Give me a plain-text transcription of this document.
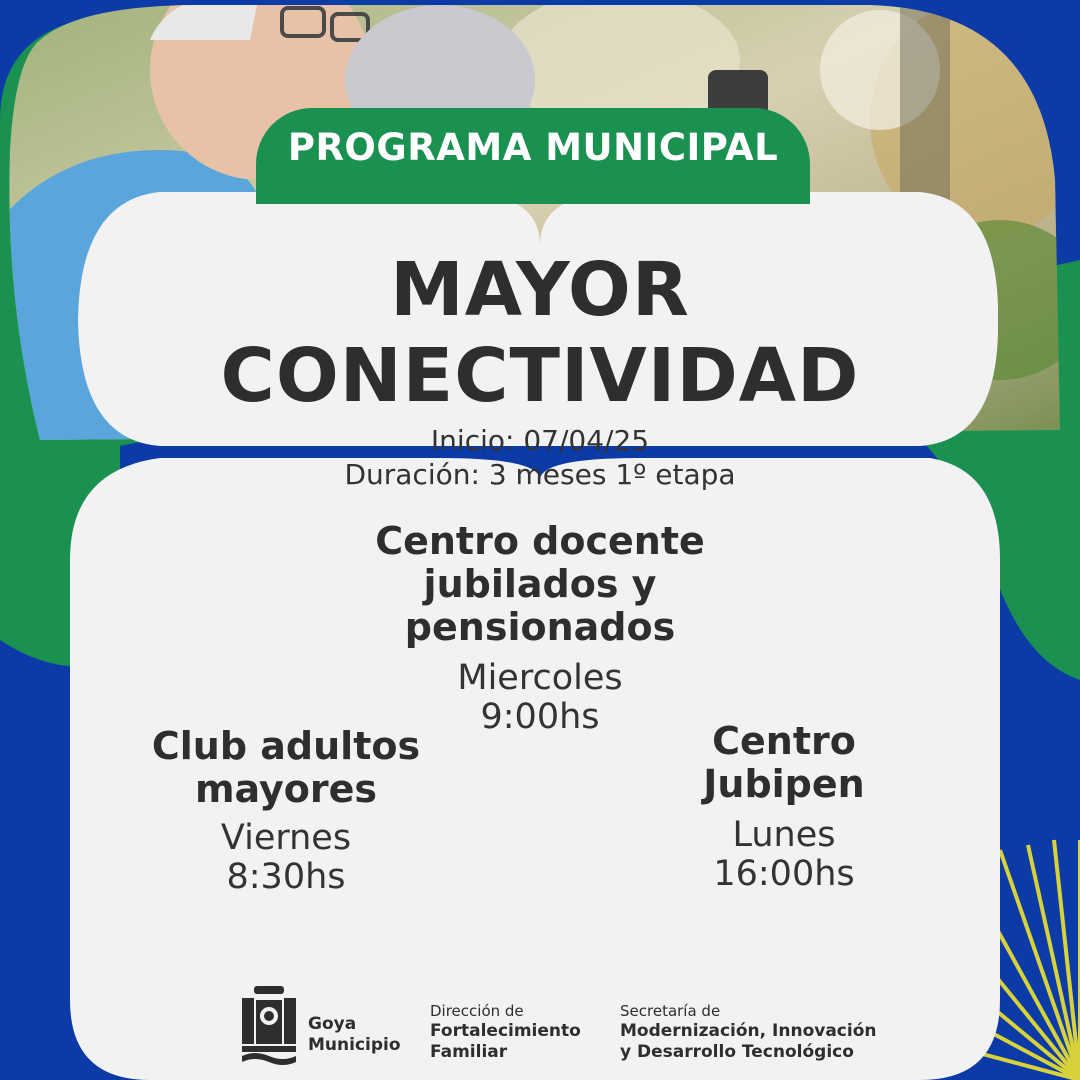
PROGRAMA MUNICIPAL
MAYOR
CONECTIVIDAD
Inicio: 07/04/25
Duración: 3 meses 1º etapa
Centro docente
jubilados y
pensionados
Miercoles
9:00hs
Club adultos
mayores
Viernes
8:30hs
Centro
Jubipen
Lunes
16:00hs
Goya
Municipio
Dirección de
Fortalecimiento
Familiar
Secretaría de
Modernización, Innovación
y Desarrollo Tecnológico
